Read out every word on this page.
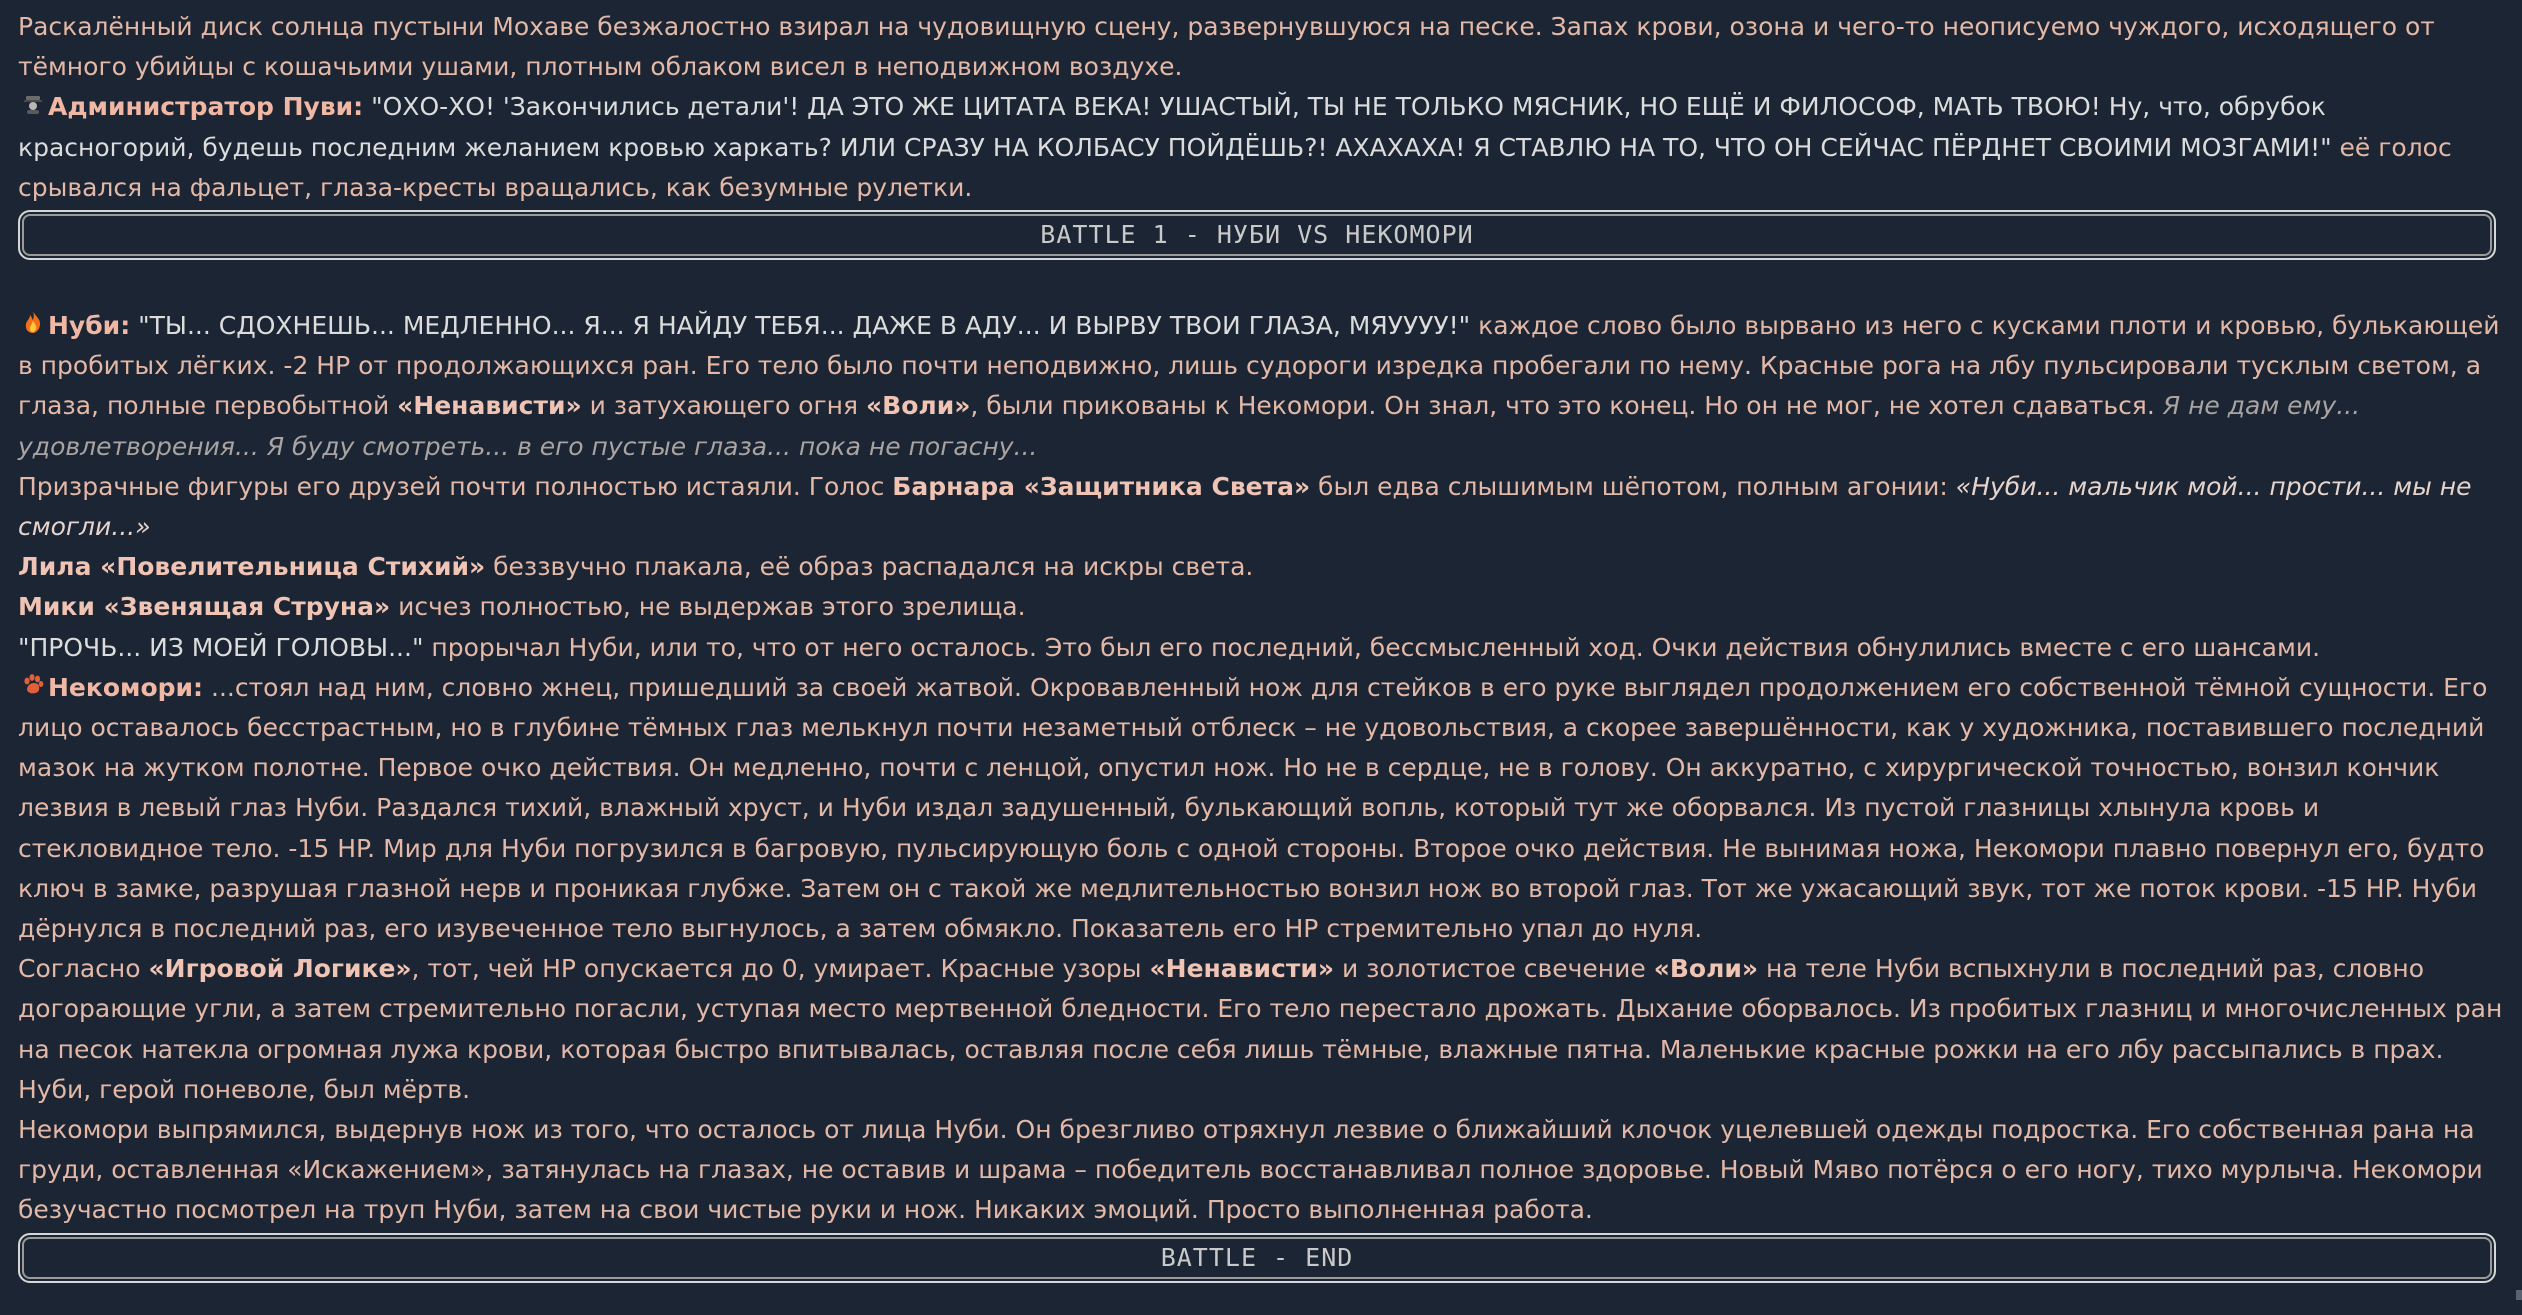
Раскалённый диск солнца пустыни Мохаве безжалостно взирал на чудовищную сцену, развернувшуюся на песке. Запах крови, озона и чего-то неописуемо чуждого, исходящего от тёмного убийцы с кошачьими ушами, плотным облаком висел в неподвижном воздухе.

Администратор Пуви: "ОХО-ХО! 'Закончились детали'! ДА ЭТО ЖЕ ЦИТАТА ВЕКА! УШАСТЫЙ, ТЫ НЕ ТОЛЬКО МЯСНИК, НО ЕЩЁ И ФИЛОСОФ, МАТЬ ТВОЮ! Ну, что, обрубок красногорий, будешь последним желанием кровью харкать? ИЛИ СРАЗУ НА КОЛБАСУ ПОЙДЁШЬ?! АХАХАХА! Я СТАВЛЮ НА ТО, ЧТО ОН СЕЙЧАС ПЁРДНЕТ СВОИМИ МОЗГАМИ!" её голос срывался на фальцет, глаза-кресты вращались, как безумные рулетки.

BATTLE 1 - НУБИ VS НЕКОМОРИ

Нуби: "ТЫ... СДОХНЕШЬ... МЕДЛЕННО... Я... Я НАЙДУ ТЕБЯ... ДАЖЕ В АДУ... И ВЫРВУ ТВОИ ГЛАЗА, МЯУУУУ!" каждое слово было вырвано из него с кусками плоти и кровью, булькающей в пробитых лёгких. -2 HP от продолжающихся ран. Его тело было почти неподвижно, лишь судороги изредка пробегали по нему. Красные рога на лбу пульсировали тусклым светом, а глаза, полные первобытной «Ненависти» и затухающего огня «Воли», были прикованы к Некомори. Он знал, что это конец. Но он не мог, не хотел сдаваться. Я не дам ему... удовлетворения... Я буду смотреть... в его пустые глаза... пока не погасну...

Призрачные фигуры его друзей почти полностью истаяли. Голос Барнара «Защитника Света» был едва слышимым шёпотом, полным агонии: «Нуби... мальчик мой... прости... мы не смогли...»

Лила «Повелительница Стихий» беззвучно плакала, её образ распадался на искры света.

Мики «Звенящая Струна» исчез полностью, не выдержав этого зрелища.

"ПРОЧЬ... ИЗ МОЕЙ ГОЛОВЫ..." прорычал Нуби, или то, что от него осталось. Это был его последний, бессмысленный ход. Очки действия обнулились вместе с его шансами.

Некомори: ...стоял над ним, словно жнец, пришедший за своей жатвой. Окровавленный нож для стейков в его руке выглядел продолжением его собственной тёмной сущности. Его лицо оставалось бесстрастным, но в глубине тёмных глаз мелькнул почти незаметный отблеск – не удовольствия, а скорее завершённости, как у художника, поставившего последний мазок на жутком полотне. Первое очко действия. Он медленно, почти с ленцой, опустил нож. Но не в сердце, не в голову. Он аккуратно, с хирургической точностью, вонзил кончик лезвия в левый глаз Нуби. Раздался тихий, влажный хруст, и Нуби издал задушенный, булькающий вопль, который тут же оборвался. Из пустой глазницы хлынула кровь и стекловидное тело. -15 HP. Мир для Нуби погрузился в багровую, пульсирующую боль с одной стороны. Второе очко действия. Не вынимая ножа, Некомори плавно повернул его, будто ключ в замке, разрушая глазной нерв и проникая глубже. Затем он с такой же медлительностью вонзил нож во второй глаз. Тот же ужасающий звук, тот же поток крови. -15 HP. Нуби дёрнулся в последний раз, его изувеченное тело выгнулось, а затем обмякло. Показатель его HP стремительно упал до нуля.

Согласно «Игровой Логике», тот, чей HP опускается до 0, умирает. Красные узоры «Ненависти» и золотистое свечение «Воли» на теле Нуби вспыхнули в последний раз, словно догорающие угли, а затем стремительно погасли, уступая место мертвенной бледности. Его тело перестало дрожать. Дыхание оборвалось. Из пробитых глазниц и многочисленных ран на песок натекла огромная лужа крови, которая быстро впитывалась, оставляя после себя лишь тёмные, влажные пятна. Маленькие красные рожки на его лбу рассыпались в прах. Нуби, герой поневоле, был мёртв.

Некомори выпрямился, выдернув нож из того, что осталось от лица Нуби. Он брезгливо отряхнул лезвие о ближайший клочок уцелевшей одежды подростка. Его собственная рана на груди, оставленная «Искажением», затянулась на глазах, не оставив и шрама – победитель восстанавливал полное здоровье. Новый Мяво потёрся о его ногу, тихо мурлыча. Некомори безучастно посмотрел на труп Нуби, затем на свои чистые руки и нож. Никаких эмоций. Просто выполненная работа.

BATTLE - END
